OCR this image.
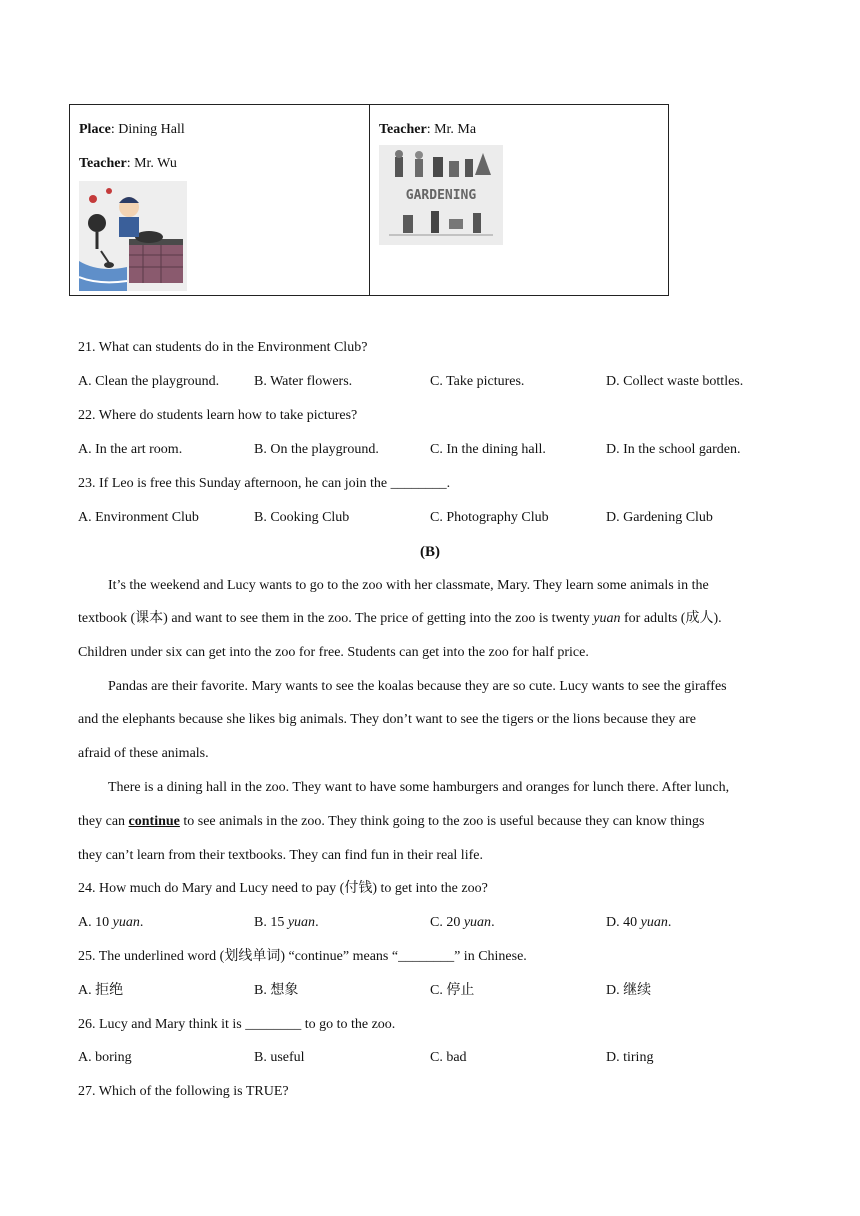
Place: Dining Hall
Teacher: Mr. Wu
Teacher: Mr. Ma
GARDENING
21. What can students do in the Environment Club?
A. Clean the playground. B. Water flowers.	C. Take pictures.	D. Collect waste bottles.
22. Where do students learn how to take pictures?
A. In the art room.	B. On the playground.	C. In the dining hall.	D. In the school garden.
23. If Leo is free this Sunday afternoon, he can join the ________.
A. Environment Club	B. Cooking Club	C. Photography Club	D. Gardening Club
(B)
It’s the weekend and Lucy wants to go to the zoo with her classmate, Mary. They learn some animals in the
textbook (课本) and want to see them in the zoo. The price of getting into the zoo is twenty yuan for adults (成人).
Children under six can get into the zoo for free. Students can get into the zoo for half price.
Pandas are their favorite. Mary wants to see the koalas because they are so cute. Lucy wants to see the giraffes
and the elephants because she likes big animals. They don’t want to see the tigers or the lions because they are
afraid of these animals.
There is a dining hall in the zoo. They want to have some hamburgers and oranges for lunch there. After lunch,
they can continue to see animals in the zoo. They think going to the zoo is useful because they can know things
they can’t learn from their textbooks. They can find fun in their real life.
24. How much do Mary and Lucy need to pay (付钱) to get into the zoo?
A. 10 yuan.	B. 15 yuan.	C. 20 yuan.	D. 40 yuan.
25. The underlined word (划线单词) “continue” means “________” in Chinese.
A. 拒绝	B. 想象	C. 停止	D. 继续
26. Lucy and Mary think it is ________ to go to the zoo.
A. boring	B. useful	C. bad	D. tiring
27. Which of the following is TRUE?
